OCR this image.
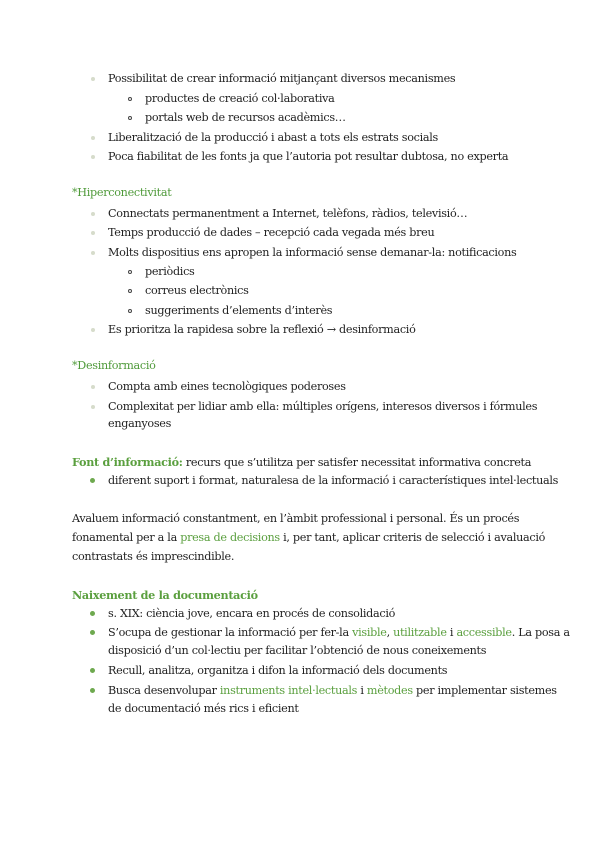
Possibilitat de crear informació mitjançant diversos mecanismes
productes de creació col·laborativa
portals web de recursos acadèmics…
Liberalització de la producció i abast a tots els estrats socials
Poca fiabilitat de les fonts ja que l’autoria pot resultar dubtosa, no experta
*Hiperconectivitat
Connectats permanentment a Internet, telèfons, ràdios, televisió…
Temps producció de dades – recepció cada vegada més breu
Molts dispositius ens apropen la informació sense demanar-la: notificacions
periòdics
correus electrònics
suggeriments d’elements d’interès
Es prioritza la rapidesa sobre la reflexió → desinformació
*Desinformació
Compta amb eines tecnològiques poderoses
Complexitat per lidiar amb ella: múltiples orígens, interesos diversos i fórmules
enganyoses
Font d’informació: recurs que s’utilitza per satisfer necessitat informativa concreta
diferent suport i format, naturalesa de la informació i característiques intel·lectuals
Avaluem informació constantment, en l’àmbit professional i personal. És un procés
fonamental per a la presa de decisions i, per tant, aplicar criteris de selecció i avaluació
contrastats és imprescindible.
Naixement de la documentació
s. XIX: ciència jove, encara en procés de consolidació
S’ocupa de gestionar la informació per fer-la visible, utilitzable i accessible. La posa a
disposició d’un col·lectiu per facilitar l’obtenció de nous coneixements
Recull, analitza, organitza i difon la informació dels documents
Busca desenvolupar instruments intel·lectuals i mètodes per implementar sistemes
de documentació més rics i eficient
